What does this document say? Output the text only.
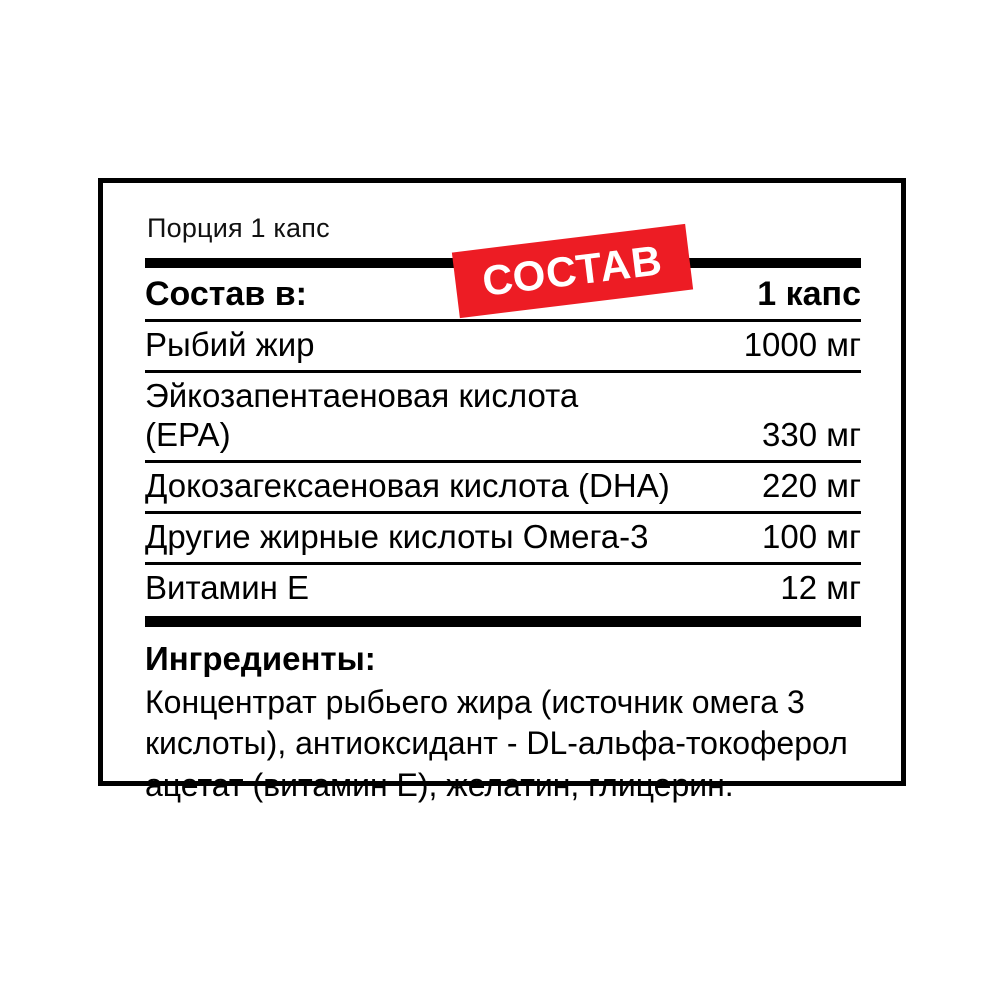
Порция 1 капс
Состав в:	1 капс
Рыбий жир	1000 мг
Эйкозапентаеновая кислота (EPA)	330 мг
Докозагексаеновая кислота (DHA)	220 мг
Другие жирные кислоты Омега-3	100 мг
Витамин E	12 мг
Ингредиенты:
Концентрат рыбьего жира (источник омега 3 кислоты), антиоксидант - DL-альфа-токоферол ацетат (витамин E), желатин, глицерин.
СОСТАВ
